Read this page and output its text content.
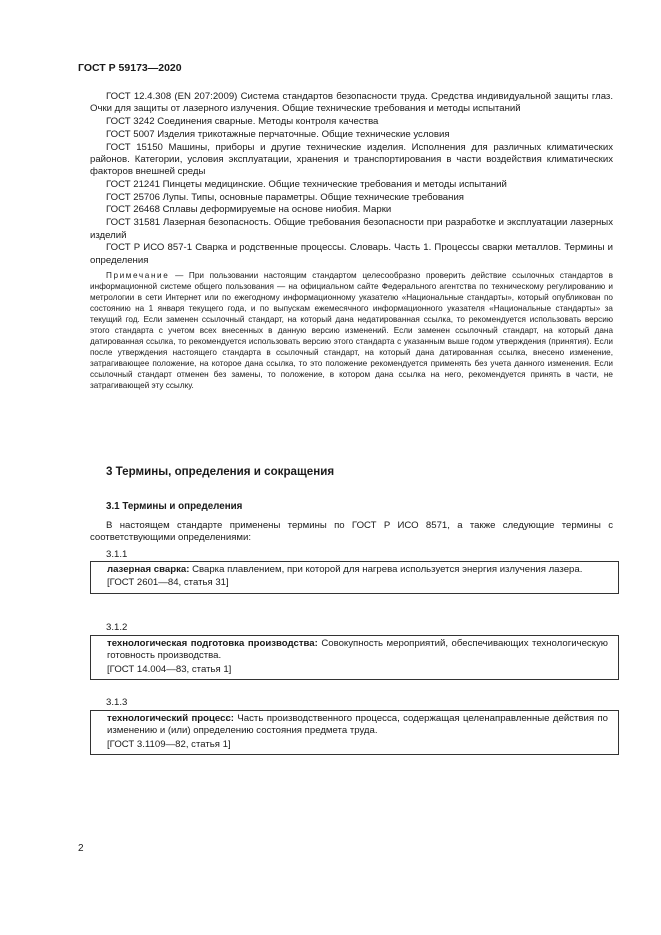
ГОСТ Р 59173—2020

ГОСТ 12.4.308 (EN 207:2009) Система стандартов безопасности труда. Средства индивидуальной защиты глаз. Очки для защиты от лазерного излучения. Общие технические требования и методы испытаний

ГОСТ 3242 Соединения сварные. Методы контроля качества

ГОСТ 5007 Изделия трикотажные перчаточные. Общие технические условия

ГОСТ 15150 Машины, приборы и другие технические изделия. Исполнения для различных климатических районов. Категории, условия эксплуатации, хранения и транспортирования в части воздействия климатических факторов внешней среды

ГОСТ 21241 Пинцеты медицинские. Общие технические требования и методы испытаний

ГОСТ 25706 Лупы. Типы, основные параметры. Общие технические требования

ГОСТ 26468 Сплавы деформируемые на основе ниобия. Марки

ГОСТ 31581 Лазерная безопасность. Общие требования безопасности при разработке и эксплуатации лазерных изделий

ГОСТ Р ИСО 857-1 Сварка и родственные процессы. Словарь. Часть 1. Процессы сварки металлов. Термины и определения

Примечание — При пользовании настоящим стандартом целесообразно проверить действие ссылочных стандартов в информационной системе общего пользования — на официальном сайте Федерального агентства по техническому регулированию и метрологии в сети Интернет или по ежегодному информационному указателю «Национальные стандарты», который опубликован по состоянию на 1 января текущего года, и по выпускам ежемесячного информационного указателя «Национальные стандарты» за текущий год. Если заменен ссылочный стандарт, на который дана недатированная ссылка, то рекомендуется использовать версию этого стандарта с учетом всех внесенных в данную версию изменений. Если заменен ссылочный стандарт, на который дана датированная ссылка, то рекомендуется использовать версию этого стандарта с указанным выше годом утверждения (принятия). Если после утверждения настоящего стандарта в ссылочный стандарт, на который дана датированная ссылка, внесено изменение, затрагивающее положение, на которое дана ссылка, то это положение рекомендуется применять без учета данного изменения. Если ссылочный стандарт отменен без замены, то положение, в котором дана ссылка на него, рекомендуется принять в части, не затрагивающей эту ссылку.

3 Термины, определения и сокращения
3.1 Термины и определения

В настоящем стандарте применены термины по ГОСТ Р ИСО 8571, а также следующие термины с соответствующими определениями:

3.1.1

лазерная сварка: Сварка плавлением, при которой для нагрева используется энергия излучения лазера.

[ГОСТ 2601—84, статья 31]

3.1.2

технологическая подготовка производства: Совокупность мероприятий, обеспечивающих технологическую готовность производства.

[ГОСТ 14.004—83, статья 1]

3.1.3

технологический процесс: Часть производственного процесса, содержащая целенаправленные действия по изменению и (или) определению состояния предмета труда.

[ГОСТ 3.1109—82, статья 1]

2
